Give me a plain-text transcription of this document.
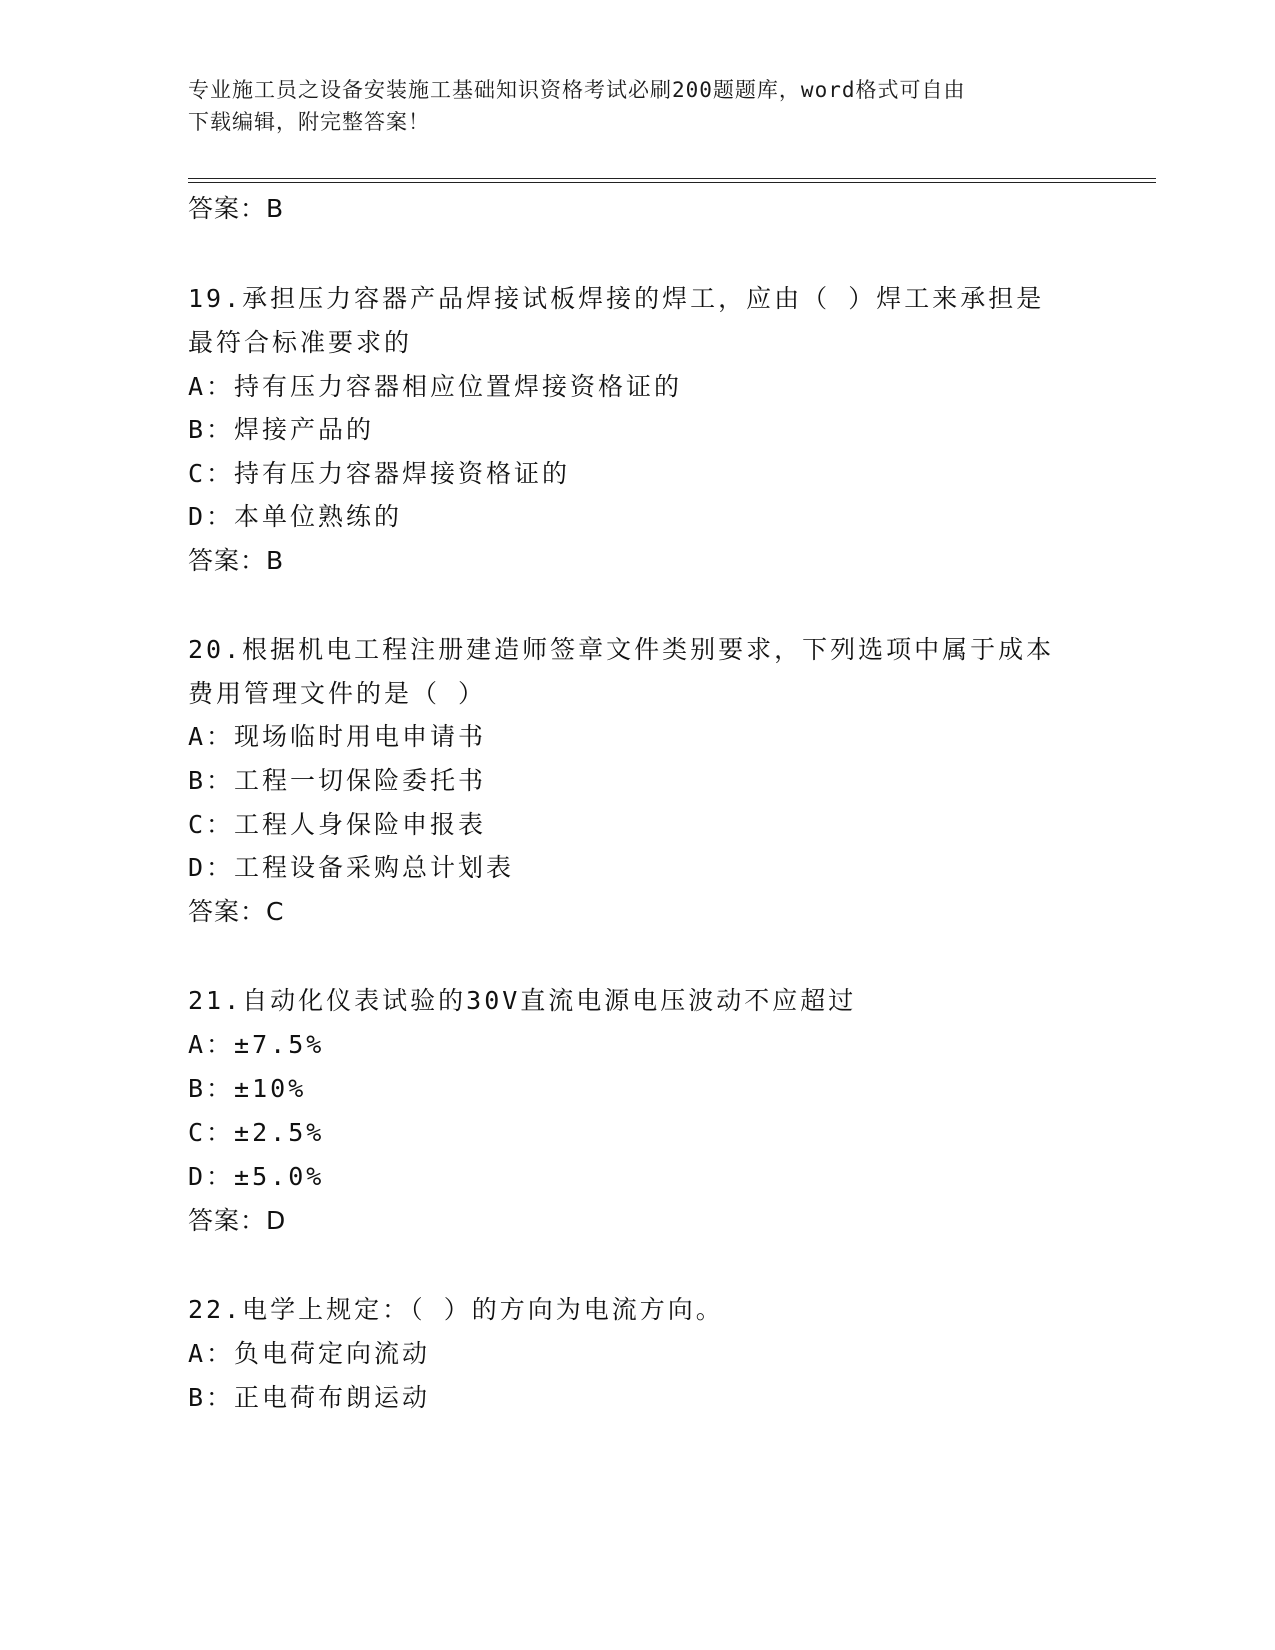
专业施工员之设备安装施工基础知识资格考试必刷200题题库，word格式可自由
下载编辑，附完整答案！
答案：B
19.承担压力容器产品焊接试板焊接的焊工，应由（ ）焊工来承担是
最符合标准要求的
A：持有压力容器相应位置焊接资格证的
B：焊接产品的
C：持有压力容器焊接资格证的
D：本单位熟练的
答案：B
20.根据机电工程注册建造师签章文件类别要求，下列选项中属于成本
费用管理文件的是（ ）
A：现场临时用电申请书
B：工程一切保险委托书
C：工程人身保险申报表
D：工程设备采购总计划表
答案：C
21.自动化仪表试验的30V直流电源电压波动不应超过
A：±7.5%
B：±10%
C：±2.5%
D：±5.0%
答案：D
22.电学上规定：（ ）的方向为电流方向。
A：负电荷定向流动
B：正电荷布朗运动
